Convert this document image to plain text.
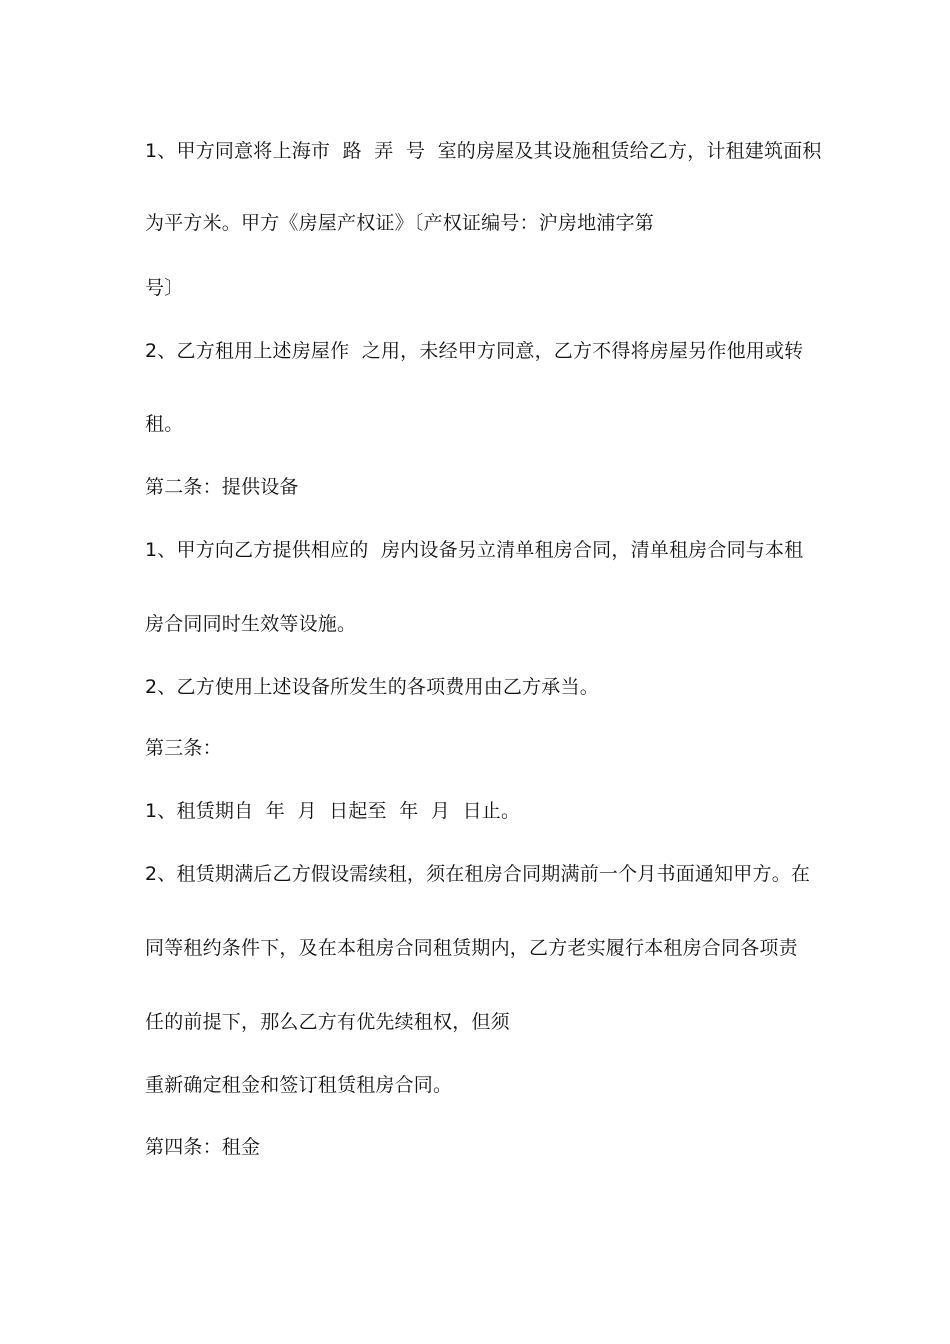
1、甲方同意将上海市  路  弄  号  室的房屋及其设施租赁给乙方，计租建筑面积
为平方米。甲方《房屋产权证》〔产权证编号：沪房地浦字第
号〕
2、乙方租用上述房屋作  之用，未经甲方同意，乙方不得将房屋另作他用或转
租。
第二条：提供设备
1、甲方向乙方提供相应的  房内设备另立清单租房合同，清单租房合同与本租
房合同同时生效等设施。
2、乙方使用上述设备所发生的各项费用由乙方承当。
第三条：
1、租赁期自  年  月  日起至  年  月  日止。
2、租赁期满后乙方假设需续租，须在租房合同期满前一个月书面通知甲方。在
同等租约条件下，及在本租房合同租赁期内，乙方老实履行本租房合同各项责
任的前提下，那么乙方有优先续租权，但须
重新确定租金和签订租赁租房合同。
第四条：租金
